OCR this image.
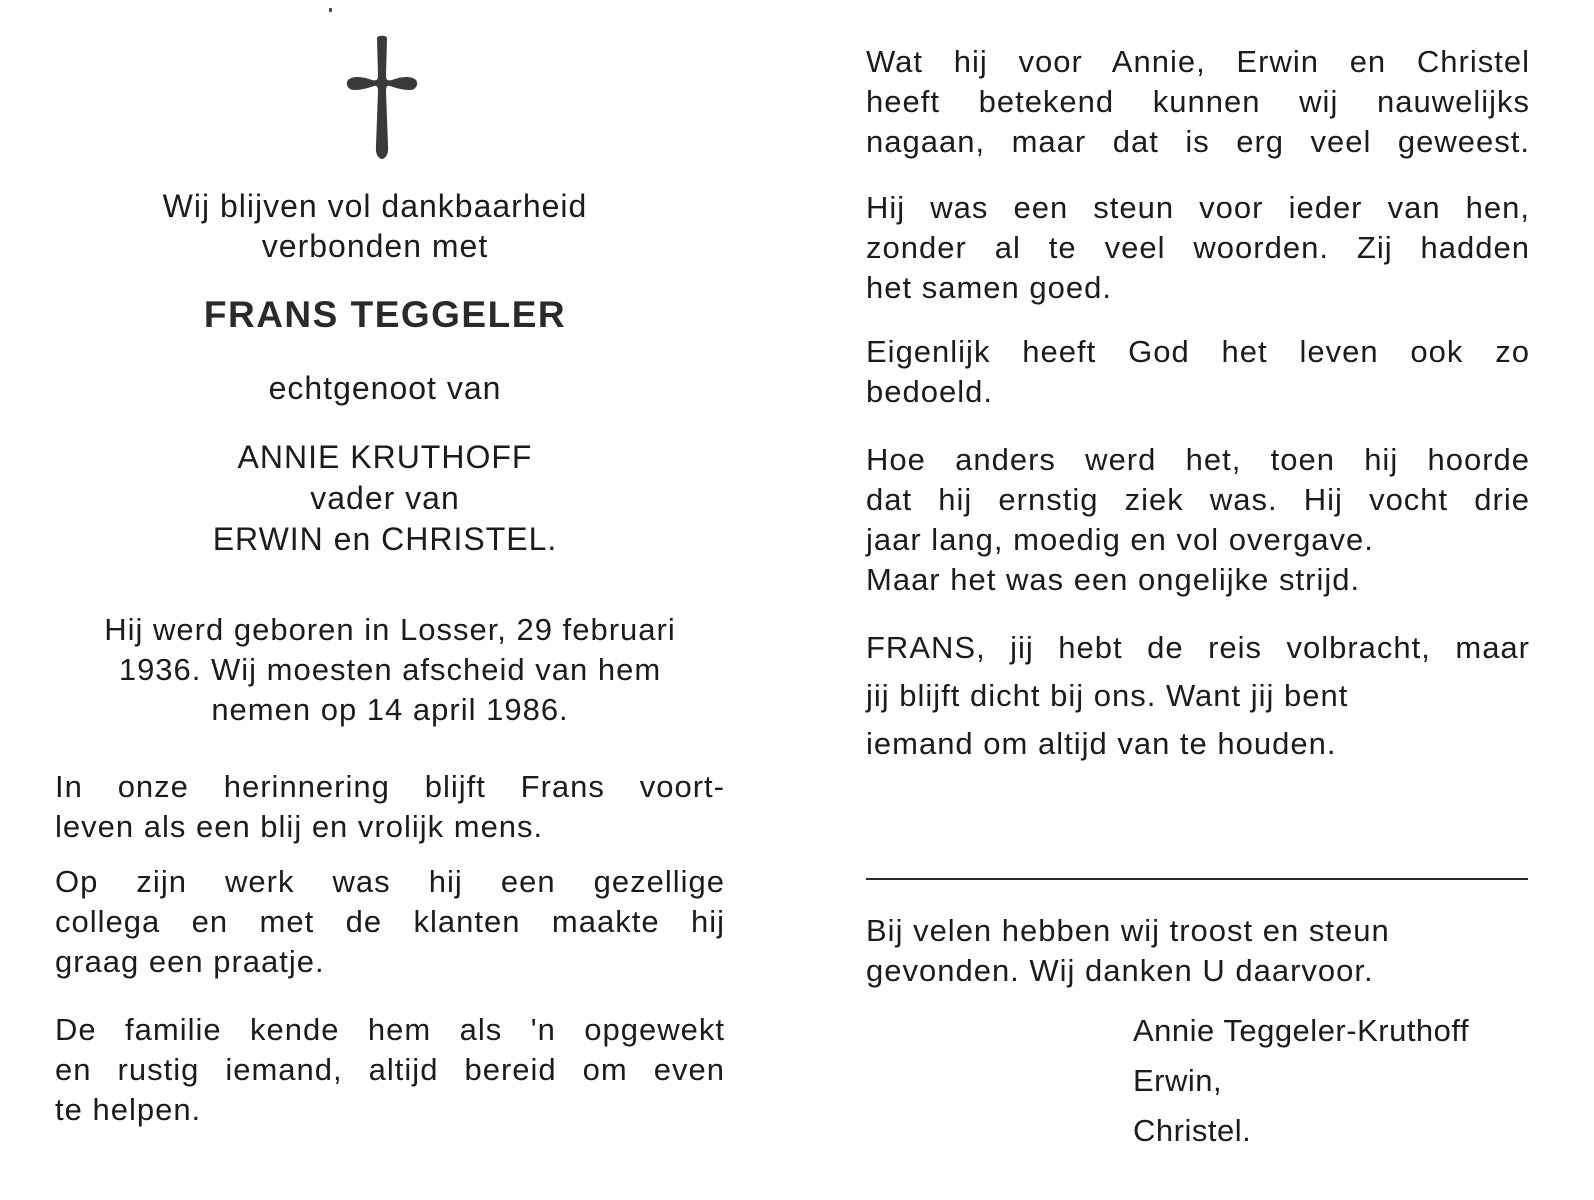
Wij blijven vol dankbaarheid
verbonden met
FRANS TEGGELER
echtgenoot van
ANNIE KRUTHOFF
vader van
ERWIN en CHRISTEL.
Hij werd geboren in Losser, 29 februari
1936. Wij moesten afscheid van hem
nemen op 14 april 1986.
In onze herinnering blijft Frans voort-
leven als een blij en vrolijk mens.
Op zijn werk was hij een gezellige
collega en met de klanten maakte hij
graag een praatje.
De familie kende hem als 'n opgewekt
en rustig iemand, altijd bereid om even
te helpen.
Wat hij voor Annie, Erwin en Christel
heeft betekend kunnen wij nauwelijks
nagaan, maar dat is erg veel geweest.
Hij was een steun voor ieder van hen,
zonder al te veel woorden. Zij hadden
het samen goed.
Eigenlijk heeft God het leven ook zo
bedoeld.
Hoe anders werd het, toen hij hoorde
dat hij ernstig ziek was. Hij vocht drie
jaar lang, moedig en vol overgave.
Maar het was een ongelijke strijd.
FRANS, jij hebt de reis volbracht, maar
jij blijft dicht bij ons. Want jij bent
iemand om altijd van te houden.
Bij velen hebben wij troost en steun
gevonden. Wij danken U daarvoor.
Annie Teggeler-Kruthoff
Erwin,
Christel.
